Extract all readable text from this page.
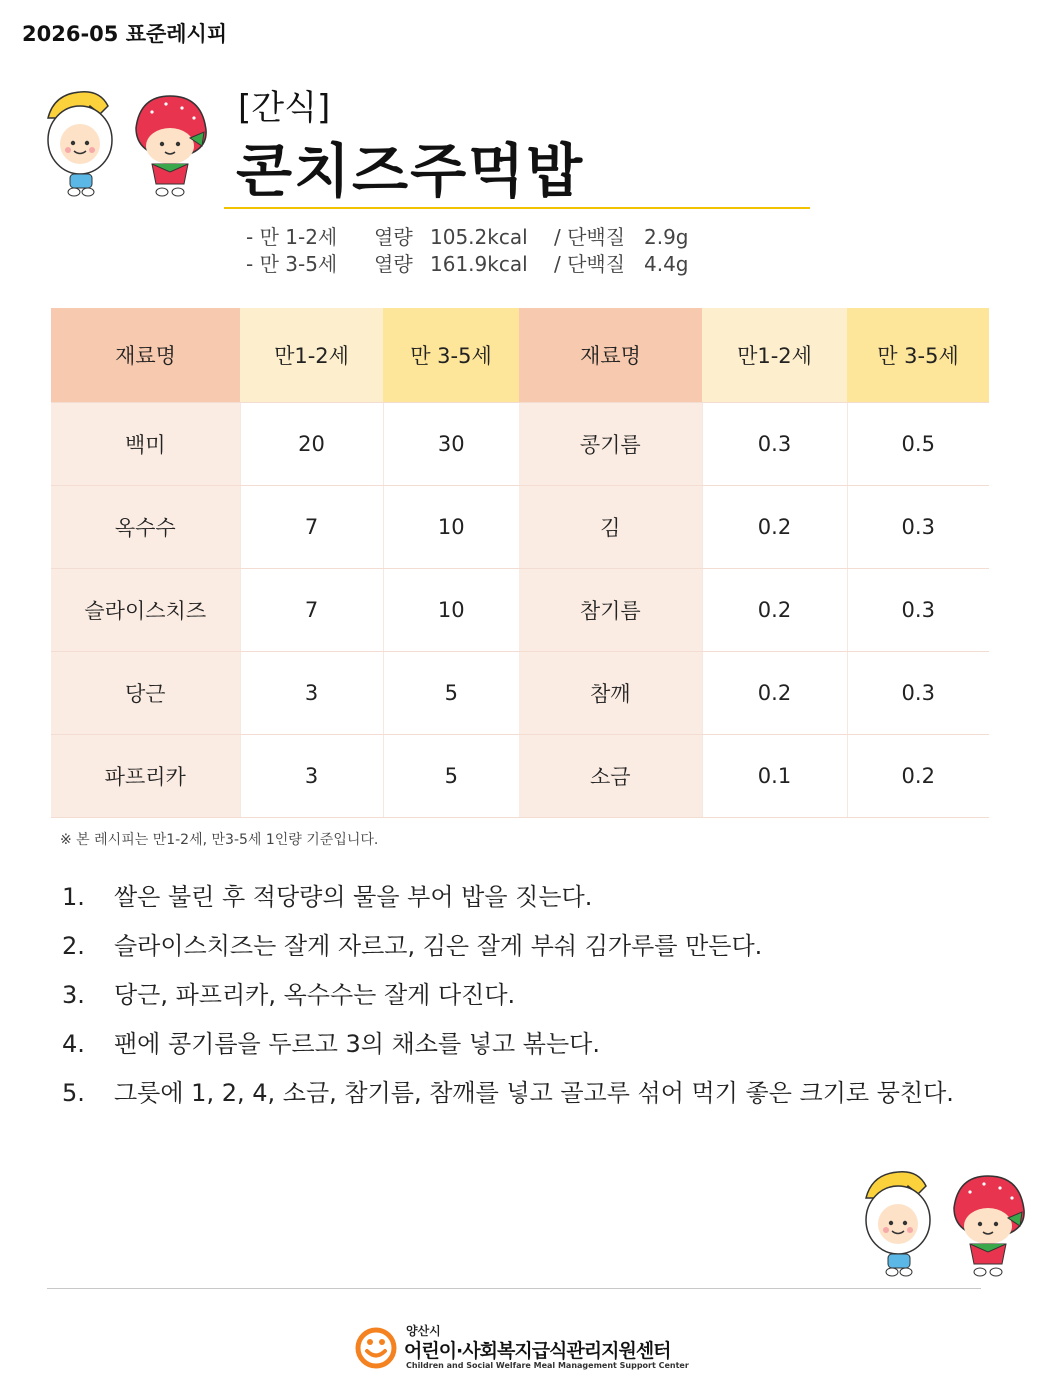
2026-05 표준레시피
[간식]
콘치즈주먹밥
- 만 1-2세 열량 105.2kcal / 단백질 2.9g
- 만 3-5세 열량 161.9kcal / 단백질 4.4g
재료명	만1-2세	만 3-5세	재료명	만1-2세	만 3-5세
백미	20	30	콩기름	0.3	0.5
옥수수	7	10	김	0.2	0.3
슬라이스치즈	7	10	참기름	0.2	0.3
당근	3	5	참깨	0.2	0.3
파프리카	3	5	소금	0.1	0.2
※ 본 레시피는 만1-2세, 만3-5세 1인량 기준입니다.
1. 쌀은 불린 후 적당량의 물을 부어 밥을 짓는다.
2. 슬라이스치즈는 잘게 자르고, 김은 잘게 부숴 김가루를 만든다.
3. 당근, 파프리카, 옥수수는 잘게 다진다.
4. 팬에 콩기름을 두르고 3의 채소를 넣고 볶는다.
5. 그릇에 1, 2, 4, 소금, 참기름, 참깨를 넣고 골고루 섞어 먹기 좋은 크기로 뭉친다.
양산시
어린이·사회복지급식관리지원센터
Children and Social Welfare Meal Management Support Center
